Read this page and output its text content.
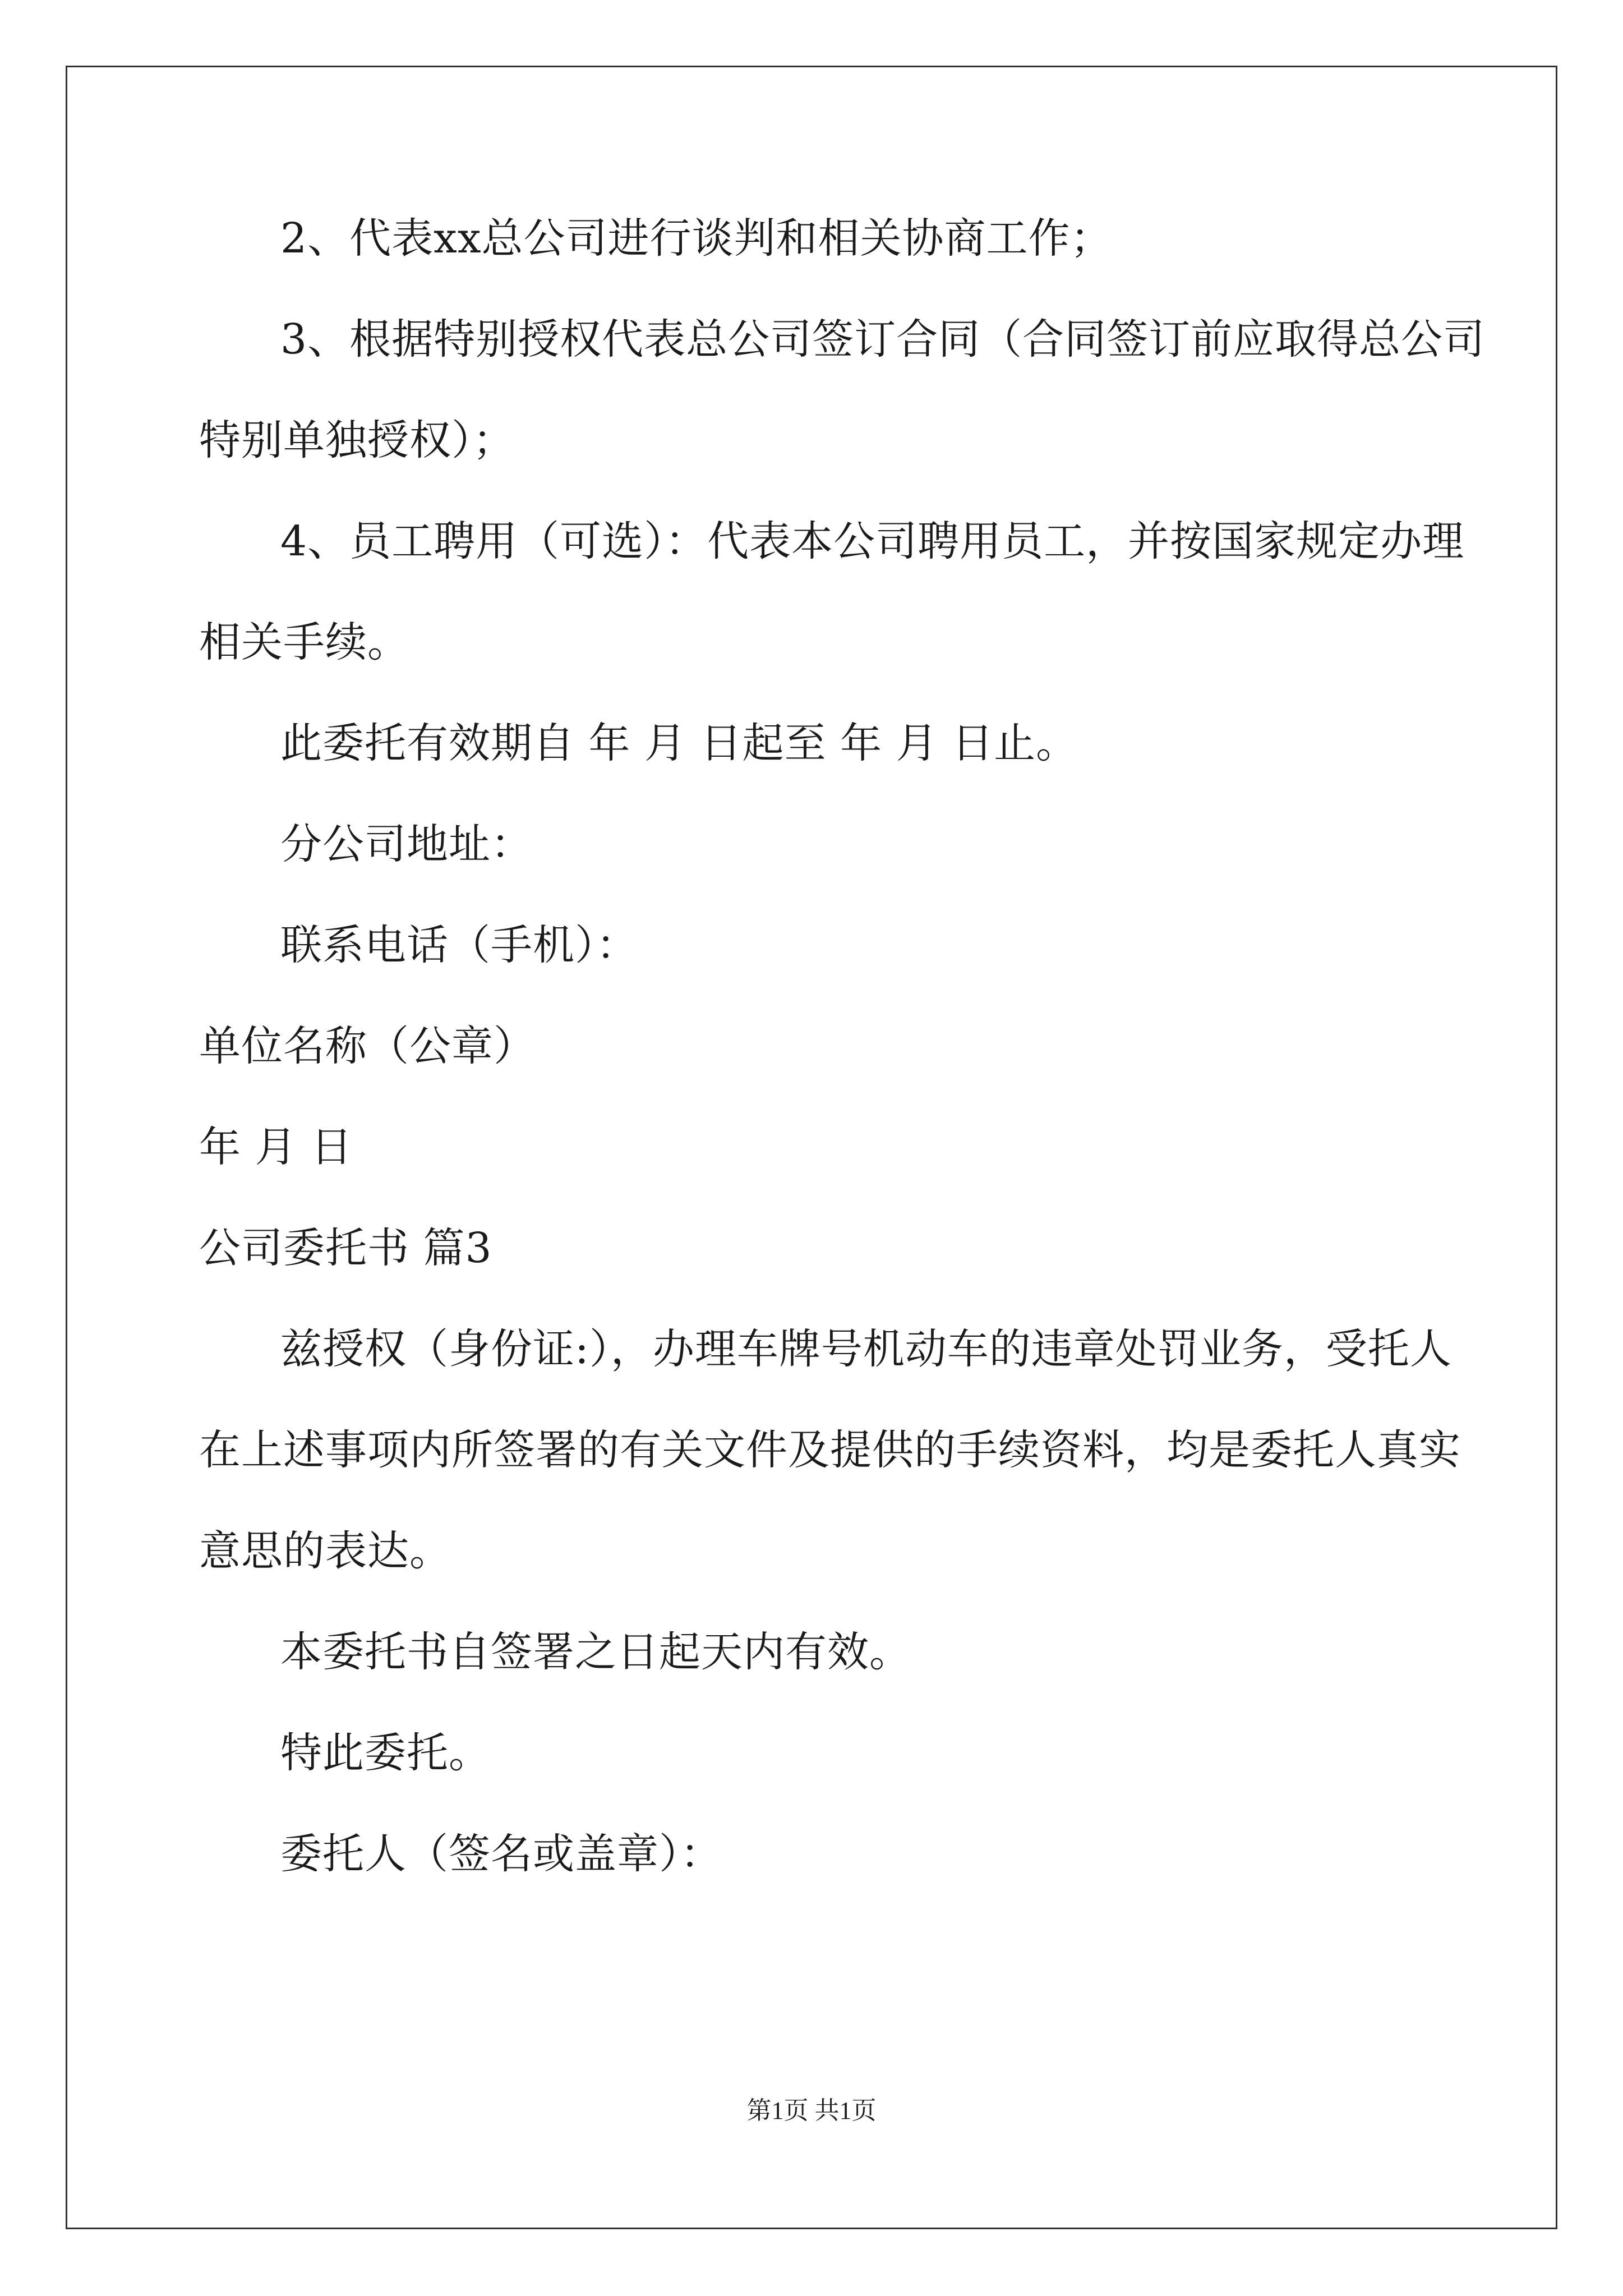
2、代表xx总公司进行谈判和相关协商工作；
3、根据特别授权代表总公司签订合同（合同签订前应取得总公司
特别单独授权）；
4、员工聘用（可选）：代表本公司聘用员工，并按国家规定办理
相关手续。
此委托有效期自 年 月 日起至 年 月 日止。
分公司地址：
联系电话（手机）：
单位名称（公章）
年 月 日
公司委托书 篇3
兹授权（身份证:），办理车牌号机动车的违章处罚业务，受托人
在上述事项内所签署的有关文件及提供的手续资料，均是委托人真实
意思的表达。
本委托书自签署之日起天内有效。
特此委托。
委托人（签名或盖章）：
第1页 共1页
